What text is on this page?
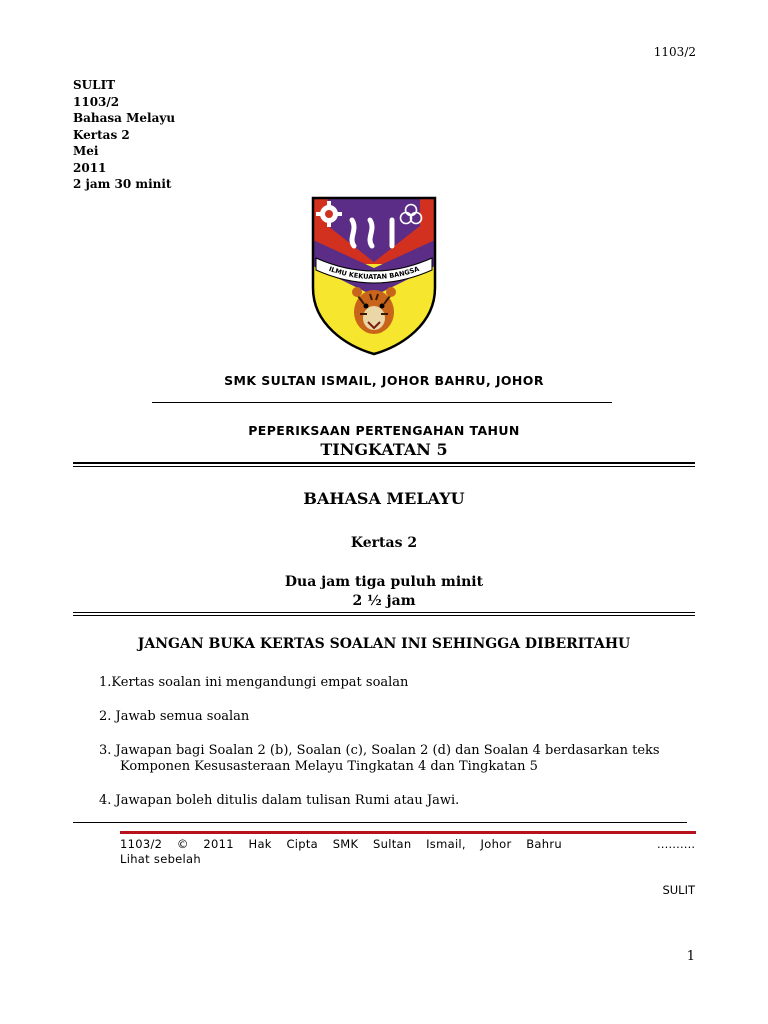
1103/2
SULIT
1103/2
Bahasa Melayu
Kertas 2
Mei
2011
2 jam 30 minit
ILMU KEKUATAN BANGSA
SMK SULTAN ISMAIL, JOHOR BAHRU, JOHOR
PEPERIKSAAN PERTENGAHAN TAHUN
TINGKATAN 5
BAHASA MELAYU
Kertas 2
Dua jam tiga puluh minit
2 ½ jam
JANGAN BUKA KERTAS SOALAN INI SEHINGGA DIBERITAHU
1.Kertas soalan ini mengandungi empat soalan
2. Jawab semua soalan
3. Jawapan bagi Soalan 2 (b), Soalan (c), Soalan 2 (d) dan Soalan 4 berdasarkan teks
Komponen Kesusasteraan Melayu Tingkatan 4 dan Tingkatan 5
4. Jawapan boleh ditulis dalam tulisan Rumi atau Jawi.
1103/2 © 2011 Hak Cipta SMK Sultan Ismail, Johor Bahru	……….
Lihat sebelah
SULIT
1
